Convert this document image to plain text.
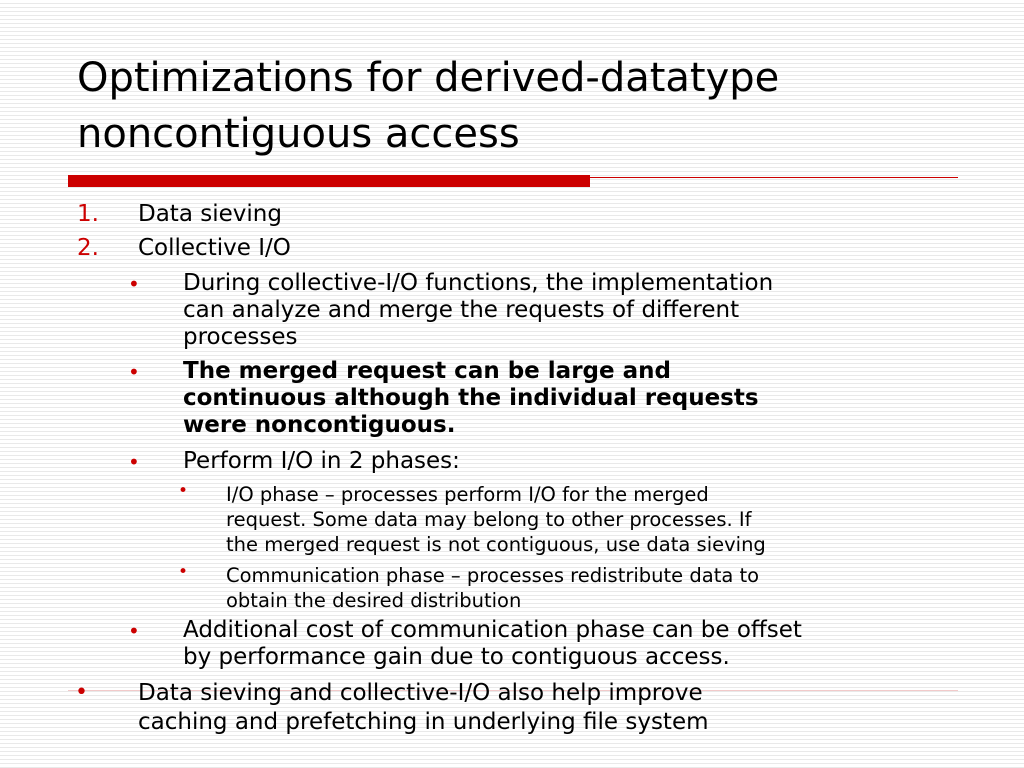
Optimizations for derived-datatype
noncontiguous access
1. Data sieving
2. Collective I/O
• During collective-I/O functions, the implementation
can analyze and merge the requests of different
processes
• The merged request can be large and
continuous although the individual requests
were noncontiguous.
• Perform I/O in 2 phases:
• I/O phase – processes perform I/O for the merged
request. Some data may belong to other processes. If
the merged request is not contiguous, use data sieving
• Communication phase – processes redistribute data to
obtain the desired distribution
• Additional cost of communication phase can be offset
by performance gain due to contiguous access.
• Data sieving and collective-I/O also help improve
caching and prefetching in underlying file system
